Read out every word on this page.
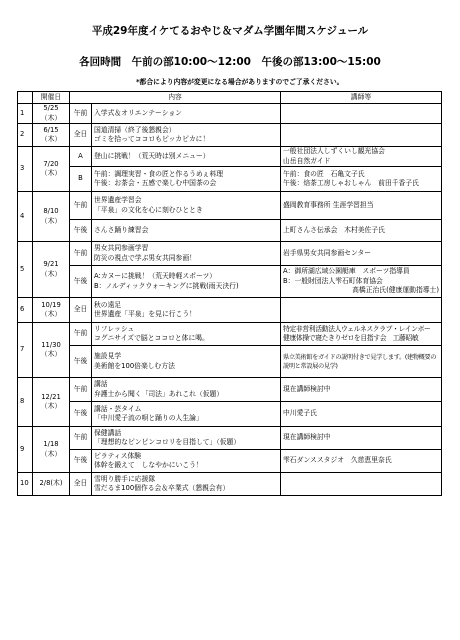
平成29年度イケてるおやじ＆マダム学園年間スケジュール
各回時間　午前の部10:00～12:00　午後の部13:00～15:00
*都合により内容が変更になる場合がありますのでご了承ください。
	開催日	内容		講師等
1	5/25
（木）	午前	入学式＆オリエンテーション	

2	6/15
（木）	全日	国道清掃（終了後懇親会）
ゴミを拾ってココロもピッカピカに！	

3	7/20
（木）	A	登山に挑戦！（荒天時は別メニュー）	一般社団法人しずくいし観光協会
山岳自然ガイド

		B	午前：調理実習・食の匠と作るうめぇ料理
午後：お茶会・五感で楽しむ中国茶の会	午前：食の匠　石亀文子氏
午後：焙茶工房しゃおしゃん　前田千香子氏

4	8/10
（木）	午前	世界遺産学習会
「平泉」の文化を心に刻むひととき	盛岡教育事務所 生涯学習担当

		午後	さんさ踊り練習会	上町さんさ伝承会　木村美佐子氏

5	9/21
（木）	午前	男女共同参画学習
防災の視点で学ぶ男女共同参画！	岩手県男女共同参画センター

		午後	A:カヌーに挑戦！（荒天時軽スポーツ）
B：ノルディックウォーキングに挑戦(雨天決行)	A：御所湖広域公園艇庫　スポーツ指導員
B：一般財団法人雫石町体育協会
高橋正治氏(健康運動指導士)

6	10/19
（木）	全日	秋の遠足
世界遺産「平泉」を見に行こう！	

7	11/30
（木）	午前	リフレッシュ
コグニサイズで脳とココロと体に喝。	特定非営利活動法人ウェルネスクラブ・レインボー
健康体操で寝たきりゼロを目指す会　工藤昭敏

		午後	施設見学
美術館を100倍楽しむ方法	県立美術館をガイドの説明付きで見学します。(建物概要の説明と常設展の見学)

8	12/21
（木）	午前	講話
弁護士から聞く「司法」あれこれ（仮題）	現在講師検討中

		午後	講話・芸タイム
「中川愛子流の唄と踊りの人生論」	中川愛子氏

9	1/18
（木）	午前	保健講話
「理想的なピンピンコロリを目指して」（仮題）	現在講師検討中

		午後	ピラティス体験
体幹を鍛えて　しなやかにいこう！	雫石ダンススタジオ　久慈恵里奈氏

10	2/8(木)	全日	雪明り勝手に応援隊
雪だるま100個作る会＆卒業式（懇親会有）	
